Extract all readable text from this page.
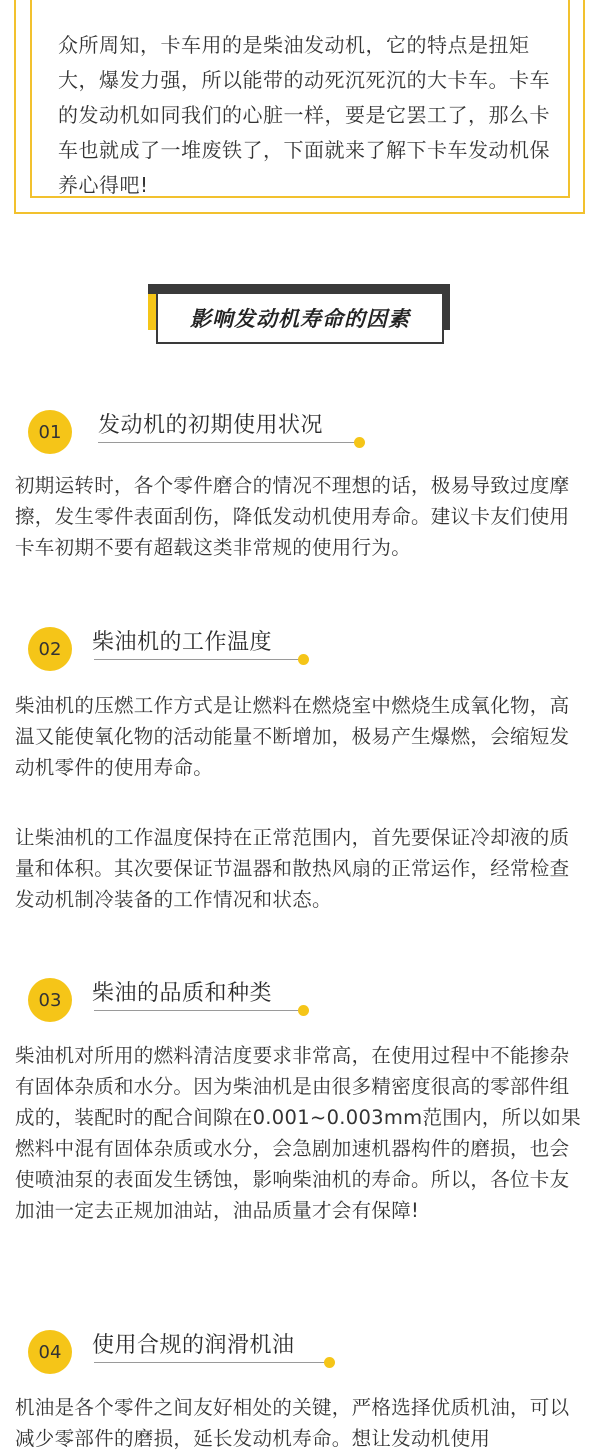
众所周知，卡车用的是柴油发动机，它的特点是扭矩大，爆发力强，所以能带的动死沉死沉的大卡车。卡车的发动机如同我们的心脏一样，要是它罢工了，那么卡车也就成了一堆废铁了，下面就来了解下卡车发动机保养心得吧!

影响发动机寿命的因素
01	发动机的初期使用状况

初期运转时，各个零件磨合的情况不理想的话，极易导致过度摩擦，发生零件表面刮伤，降低发动机使用寿命。建议卡友们使用卡车初期不要有超载这类非常规的使用行为。

02	柴油机的工作温度

柴油机的压燃工作方式是让燃料在燃烧室中燃烧生成氧化物，高温又能使氧化物的活动能量不断增加，极易产生爆燃，会缩短发动机零件的使用寿命。

让柴油机的工作温度保持在正常范围内，首先要保证冷却液的质量和体积。其次要保证节温器和散热风扇的正常运作，经常检查发动机制冷装备的工作情况和状态。

03	柴油的品质和种类

柴油机对所用的燃料清洁度要求非常高，在使用过程中不能掺杂有固体杂质和水分。因为柴油机是由很多精密度很高的零部件组成的，装配时的配合间隙在0.001~0.003mm范围内，所以如果燃料中混有固体杂质或水分，会急剧加速机器构件的磨损，也会使喷油泵的表面发生锈蚀，影响柴油机的寿命。所以，各位卡友加油一定去正规加油站，油品质量才会有保障!

04	使用合规的润滑机油

机油是各个零件之间友好相处的关键，严格选择优质机油，可以减少零部件的磨损，延长发动机寿命。想让发动机使用
